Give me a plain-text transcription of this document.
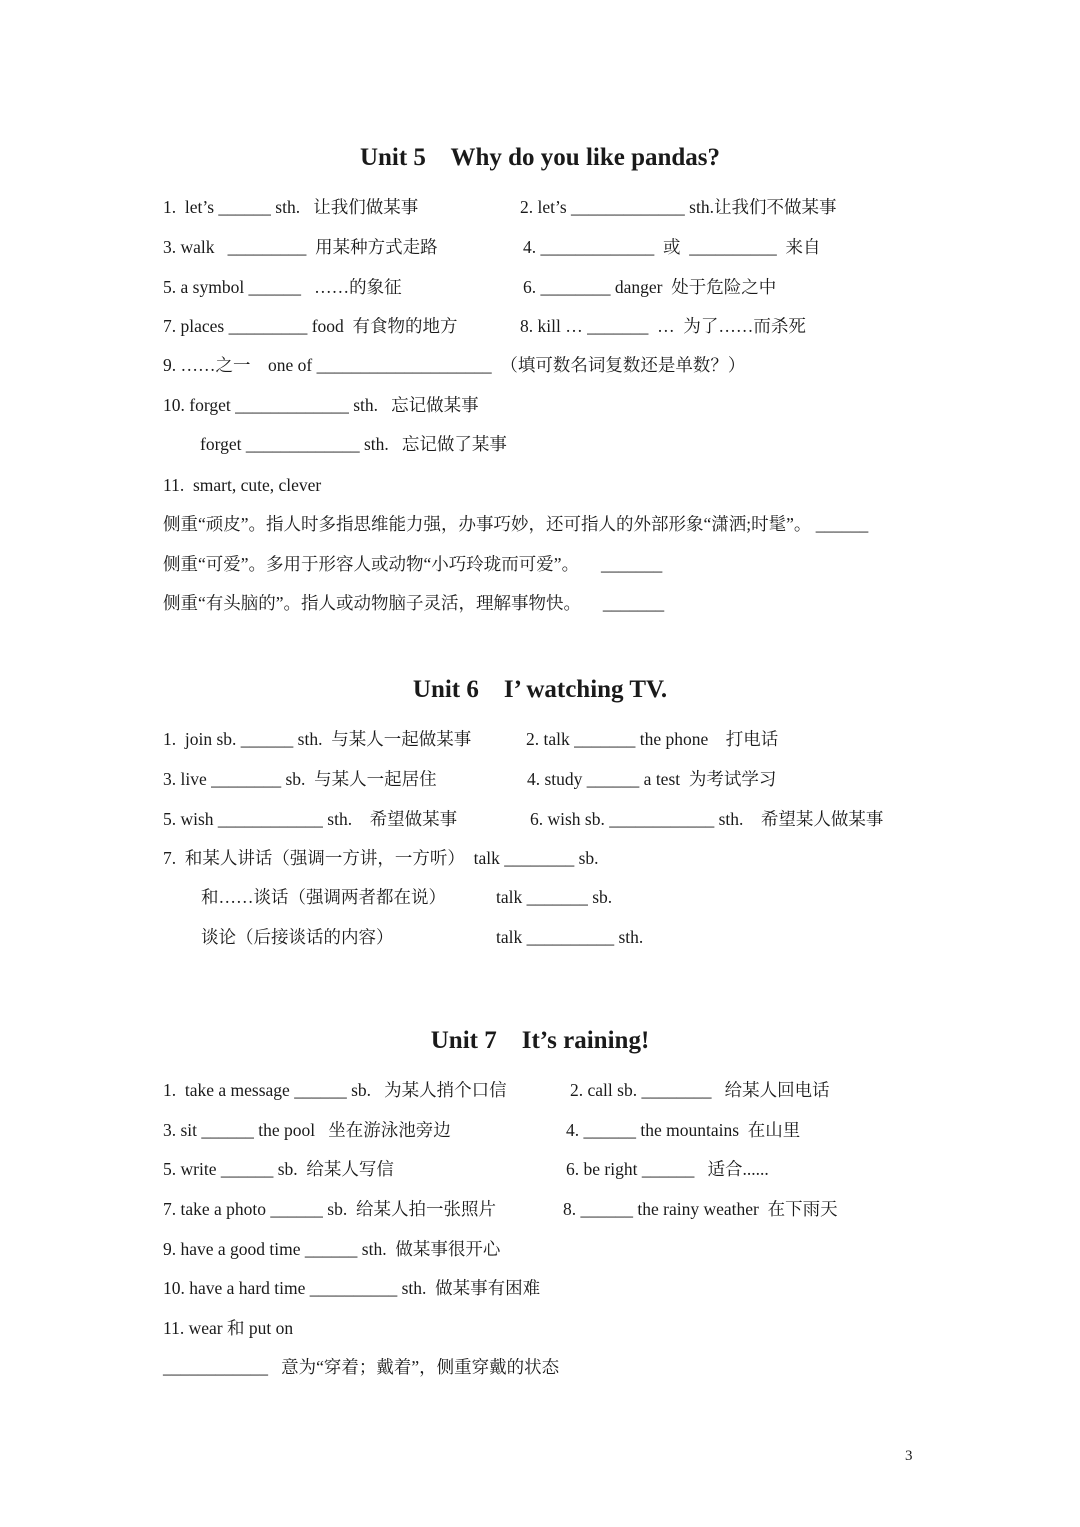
Unit 5    Why do you like pandas?
1.  let’s ______ sth.   让我们做某事	2. let’s _____________ sth.让我们不做某事
3. walk   _________  用某种方式走路	4. _____________  或  __________  来自
5. a symbol ______   ……的象征	6. ________ danger  处于危险之中
7. places _________ food  有食物的地方	8. kill … _______  …  为了……而杀死
9. ……之一    one of ____________________  （填可数名词复数还是单数？）
10. forget _____________ sth.   忘记做某事
forget _____________ sth.   忘记做了某事
11.  smart, cute, clever
侧重“顽皮”。指人时多指思维能力强，办事巧妙，还可指人的外部形象“潇洒;时髦”。 ______
侧重“可爱”。多用于形容人或动物“小巧玲珑而可爱”。     _______
侧重“有头脑的”。指人或动物脑子灵活，理解事物快。     _______
Unit 6    I’ watching TV.
1.  join sb. ______ sth.  与某人一起做某事	2. talk _______ the phone    打电话
3. live ________ sb.  与某人一起居住	4. study ______ a test  为考试学习
5. wish ____________ sth.    希望做某事	6. wish sb. ____________ sth.    希望某人做某事
7.  和某人讲话（强调一方讲，一方听）  talk ________ sb.
和……谈话（强调两者都在说）	talk _______ sb.
谈论（后接谈话的内容）	talk __________ sth.
Unit 7    It’s raining!
1.  take a message ______ sb.   为某人捎个口信	2. call sb. ________   给某人回电话
3. sit ______ the pool   坐在游泳池旁边	4. ______ the mountains  在山里
5. write ______ sb.  给某人写信	6. be right ______   适合......
7. take a photo ______ sb.  给某人拍一张照片	8. ______ the rainy weather  在下雨天
9. have a good time ______ sth.  做某事很开心
10. have a hard time __________ sth.  做某事有困难
11. wear 和 put on
____________   意为“穿着；戴着”，侧重穿戴的状态
3
